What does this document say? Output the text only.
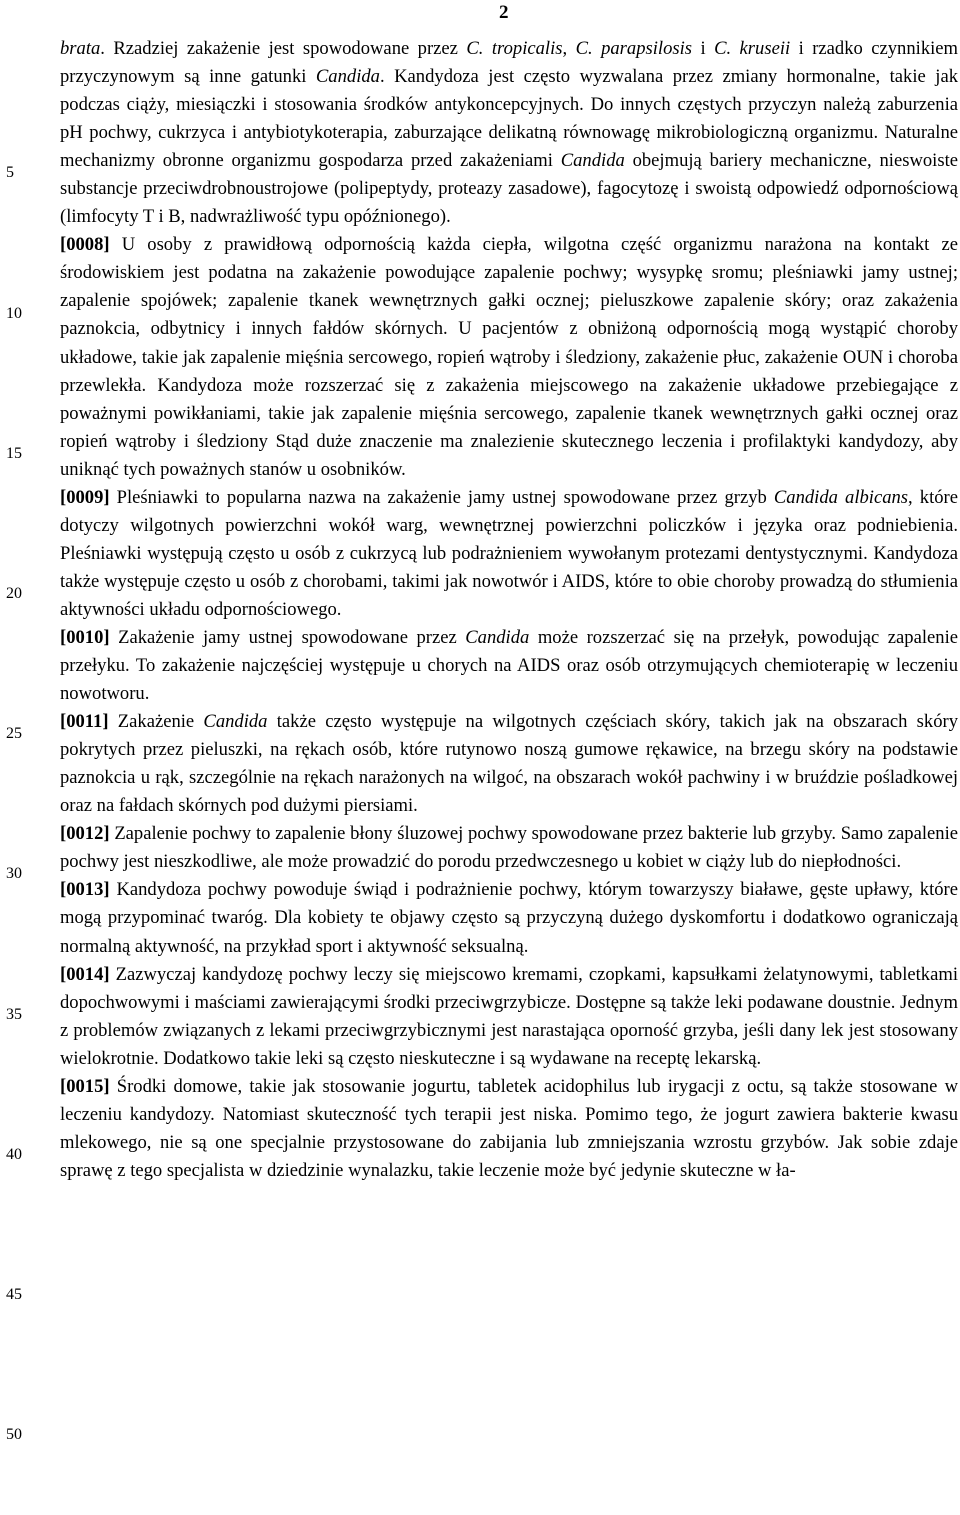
2
5
10
15
20
25
30
35
40
45
50

brata. Rzadziej zakażenie jest spowodowane przez C. tropicalis, C. parapsilosis i C. kruseii i rzadko czynnikiem przyczynowym są inne gatunki Candida. Kandydoza jest często wyzwalana przez zmiany hormonalne, takie jak podczas ciąży, miesiączki i stosowania środków antykoncepcyjnych. Do innych częstych przyczyn należą zaburzenia pH pochwy, cukrzyca i antybiotykoterapia, zaburzające delikatną równowagę mikrobiologiczną organizmu. Naturalne mechanizmy obronne organizmu gospodarza przed zakażeniami Candida obejmują bariery mechaniczne, nieswoiste substancje przeciwdrobnoustrojowe (polipeptydy, proteazy zasadowe), fagocytozę i swoistą odpowiedź odpornościową (limfocyty T i B, nadwrażliwość typu opóźnionego).

[0008] U osoby z prawidłową odpornością każda ciepła, wilgotna część organizmu narażona na kontakt ze środowiskiem jest podatna na zakażenie powodujące zapalenie pochwy; wysypkę sromu; pleśniawki jamy ustnej; zapalenie spojówek; zapalenie tkanek wewnętrznych gałki ocznej; pieluszkowe zapalenie skóry; oraz zakażenia paznokcia, odbytnicy i innych fałdów skórnych. U pacjentów z obniżoną odpornością mogą wystąpić choroby układowe, takie jak zapalenie mięśnia sercowego, ropień wątroby i śledziony, zakażenie płuc, zakażenie OUN i choroba przewlekła. Kandydoza może rozszerzać się z zakażenia miejscowego na zakażenie układowe przebiegające z poważnymi powikłaniami, takie jak zapalenie mięśnia sercowego, zapalenie tkanek wewnętrznych gałki ocznej oraz ropień wątroby i śledziony Stąd duże znaczenie ma znalezienie skutecznego leczenia i profilaktyki kandydozy, aby uniknąć tych poważnych stanów u osobników.

[0009] Pleśniawki to popularna nazwa na zakażenie jamy ustnej spowodowane przez grzyb Candida albicans, które dotyczy wilgotnych powierzchni wokół warg, wewnętrznej powierzchni policzków i języka oraz podniebienia. Pleśniawki występują często u osób z cukrzycą lub podrażnieniem wywołanym protezami dentystycznymi. Kandydoza także występuje często u osób z chorobami, takimi jak nowotwór i AIDS, które to obie choroby prowadzą do stłumienia aktywności układu odpornościowego.

[0010] Zakażenie jamy ustnej spowodowane przez Candida może rozszerzać się na przełyk, powodując zapalenie przełyku. To zakażenie najczęściej występuje u chorych na AIDS oraz osób otrzymujących chemioterapię w leczeniu nowotworu.

[0011] Zakażenie Candida także często występuje na wilgotnych częściach skóry, takich jak na obszarach skóry pokrytych przez pieluszki, na rękach osób, które rutynowo noszą gumowe rękawice, na brzegu skóry na podstawie paznokcia u rąk, szczególnie na rękach narażonych na wilgoć, na obszarach wokół pachwiny i w bruździe pośladkowej oraz na fałdach skórnych pod dużymi piersiami.

[0012] Zapalenie pochwy to zapalenie błony śluzowej pochwy spowodowane przez bakterie lub grzyby. Samo zapalenie pochwy jest nieszkodliwe, ale może prowadzić do porodu przedwczesnego u kobiet w ciąży lub do niepłodności.

[0013] Kandydoza pochwy powoduje świąd i podrażnienie pochwy, którym towarzyszy białawe, gęste upławy, które mogą przypominać twaróg. Dla kobiety te objawy często są przyczyną dużego dyskomfortu i dodatkowo ograniczają normalną aktywność, na przykład sport i aktywność seksualną.

[0014] Zazwyczaj kandydozę pochwy leczy się miejscowo kremami, czopkami, kapsułkami żelatynowymi, tabletkami dopochwowymi i maściami zawierającymi środki przeciwgrzybicze. Dostępne są także leki podawane doustnie. Jednym z problemów związanych z lekami przeciwgrzybicznymi jest narastająca oporność grzyba, jeśli dany lek jest stosowany wielokrotnie. Dodatkowo takie leki są często nieskuteczne i są wydawane na receptę lekarską.

[0015] Środki domowe, takie jak stosowanie jogurtu, tabletek acidophilus lub irygacji z octu, są także stosowane w leczeniu kandydozy. Natomiast skuteczność tych terapii jest niska. Pomimo tego, że jogurt zawiera bakterie kwasu mlekowego, nie są one specjalnie przystosowane do zabijania lub zmniejszania wzrostu grzybów. Jak sobie zdaje sprawę z tego specjalista w dziedzinie wynalazku, takie leczenie może być jedynie skuteczne w ła-
